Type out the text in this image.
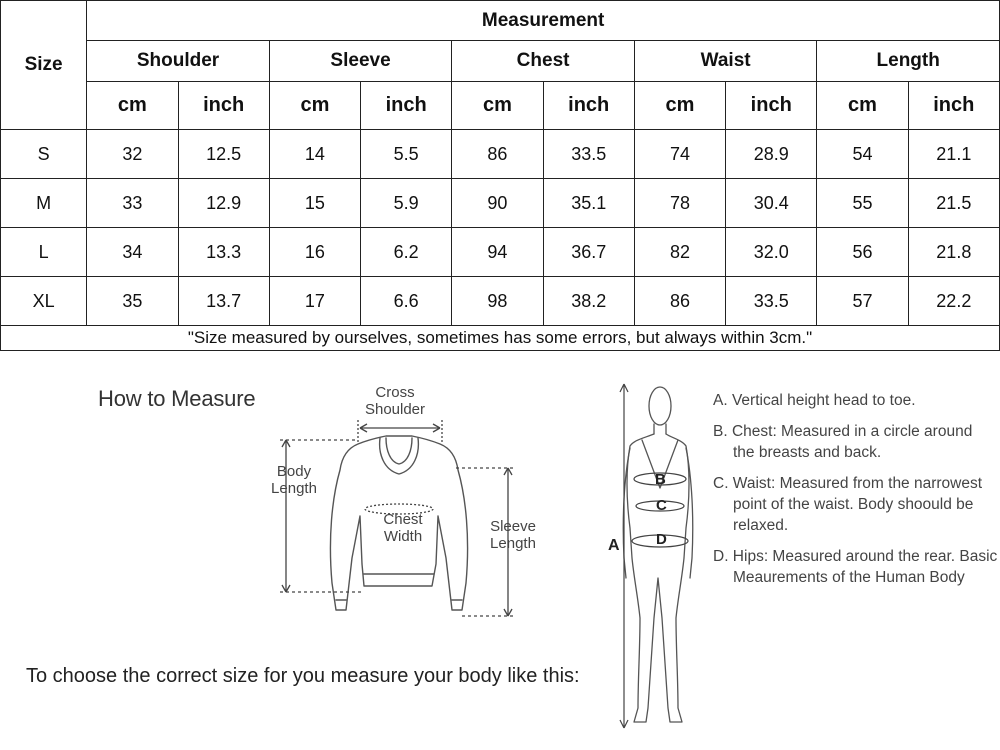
Size	Measurement									
	Shoulder		Sleeve		Chest		Waist		Length	
	cm	inch	cm	inch	cm	inch	cm	inch	cm	inch
S	32	12.5	14	5.5	86	33.5	74	28.9	54	21.1
M	33	12.9	15	5.9	90	35.1	78	30.4	55	21.5
L	34	13.3	16	6.2	94	36.7	82	32.0	56	21.8
XL	35	13.7	17	6.6	98	38.2	86	33.5	57	22.2
"Size measured by ourselves, sometimes has some errors, but always within 3cm."										
How to Measure	Cross Shoulder
Body Length
Chest Width
Sleeve Length	A
B
C
D
A. Vertical height head to toe.
B. Chest: Measured in a circle around the breasts and back.
C. Waist: Measured from the narrowest point of the waist. Body shoould be relaxed.
D. Hips: Measured around the rear. Basic Meaurements of the Human Body
To choose the correct size for you measure your body like this:
